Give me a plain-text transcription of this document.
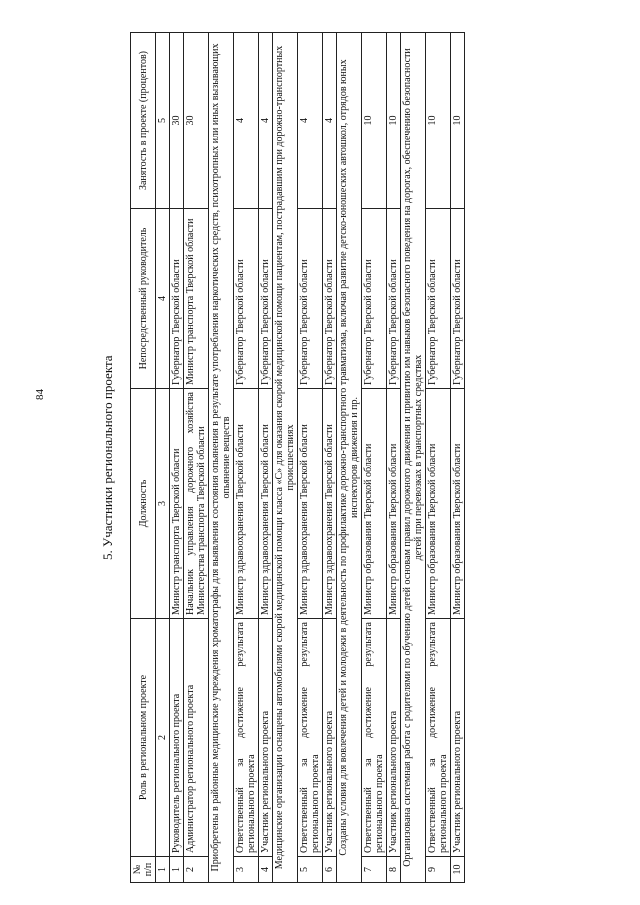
84	5. Участники регионального проекта
№ п/п	Роль в региональном проекте	Должность	Непосредственный руководитель	Занятость в проекте (процентов)
1	2	3	4	5
1	Руководитель регионального проекта	Министр транспорта Тверской области	Губернатор Тверской области	30
2	Администратор регионального проекта	Начальник управления дорожного хозяйства Министерства транспорта Тверской области	Министр транспорта Тверской области	30
Приобретены в районные медицинские учреждения хроматографы для выявления состояния опьянения в результате употребления наркотических средств, психотропных или иных вызывающих опьянение веществ				
3	Ответственный за достижение результата регионального проекта	Министр здравоохранения Тверской области	Губернатор Тверской области	4
4	Участник регионального проекта	Министр здравоохранения Тверской области	Губернатор Тверской области	4
Медицинские организации оснащены автомобилями скорой медицинской помощи класса «С» для оказания скорой медицинской помощи пациентам, пострадавшим при дорожно-транспортных происшествиях				
5	Ответственный за достижение результата регионального проекта	Министр здравоохранения Тверской области	Губернатор Тверской области	4
6	Участник регионального проекта	Министр здравоохранения Тверской области	Губернатор Тверской области	4
Созданы условия для вовлечения детей и молодежи в деятельность по профилактике дорожно-транспортного травматизма, включая развитие детско-юношеских автошкол, отрядов юных инспекторов движения и пр.				
7	Ответственный за достижение результата регионального проекта	Министр образования Тверской области	Губернатор Тверской области	10
8	Участник регионального проекта	Министр образования Тверской области	Губернатор Тверской области	10
Организована системная работа с родителями по обучению детей основам правил дорожного движения и привитию им навыков безопасного поведения на дорогах, обеспечению безопасности детей при перевозках в транспортных средствах				
9	Ответственный за достижение результата регионального проекта	Министр образования Тверской области	Губернатор Тверской области	10
10	Участник регионального проекта	Министр образования Тверской области	Губернатор Тверской области	10
